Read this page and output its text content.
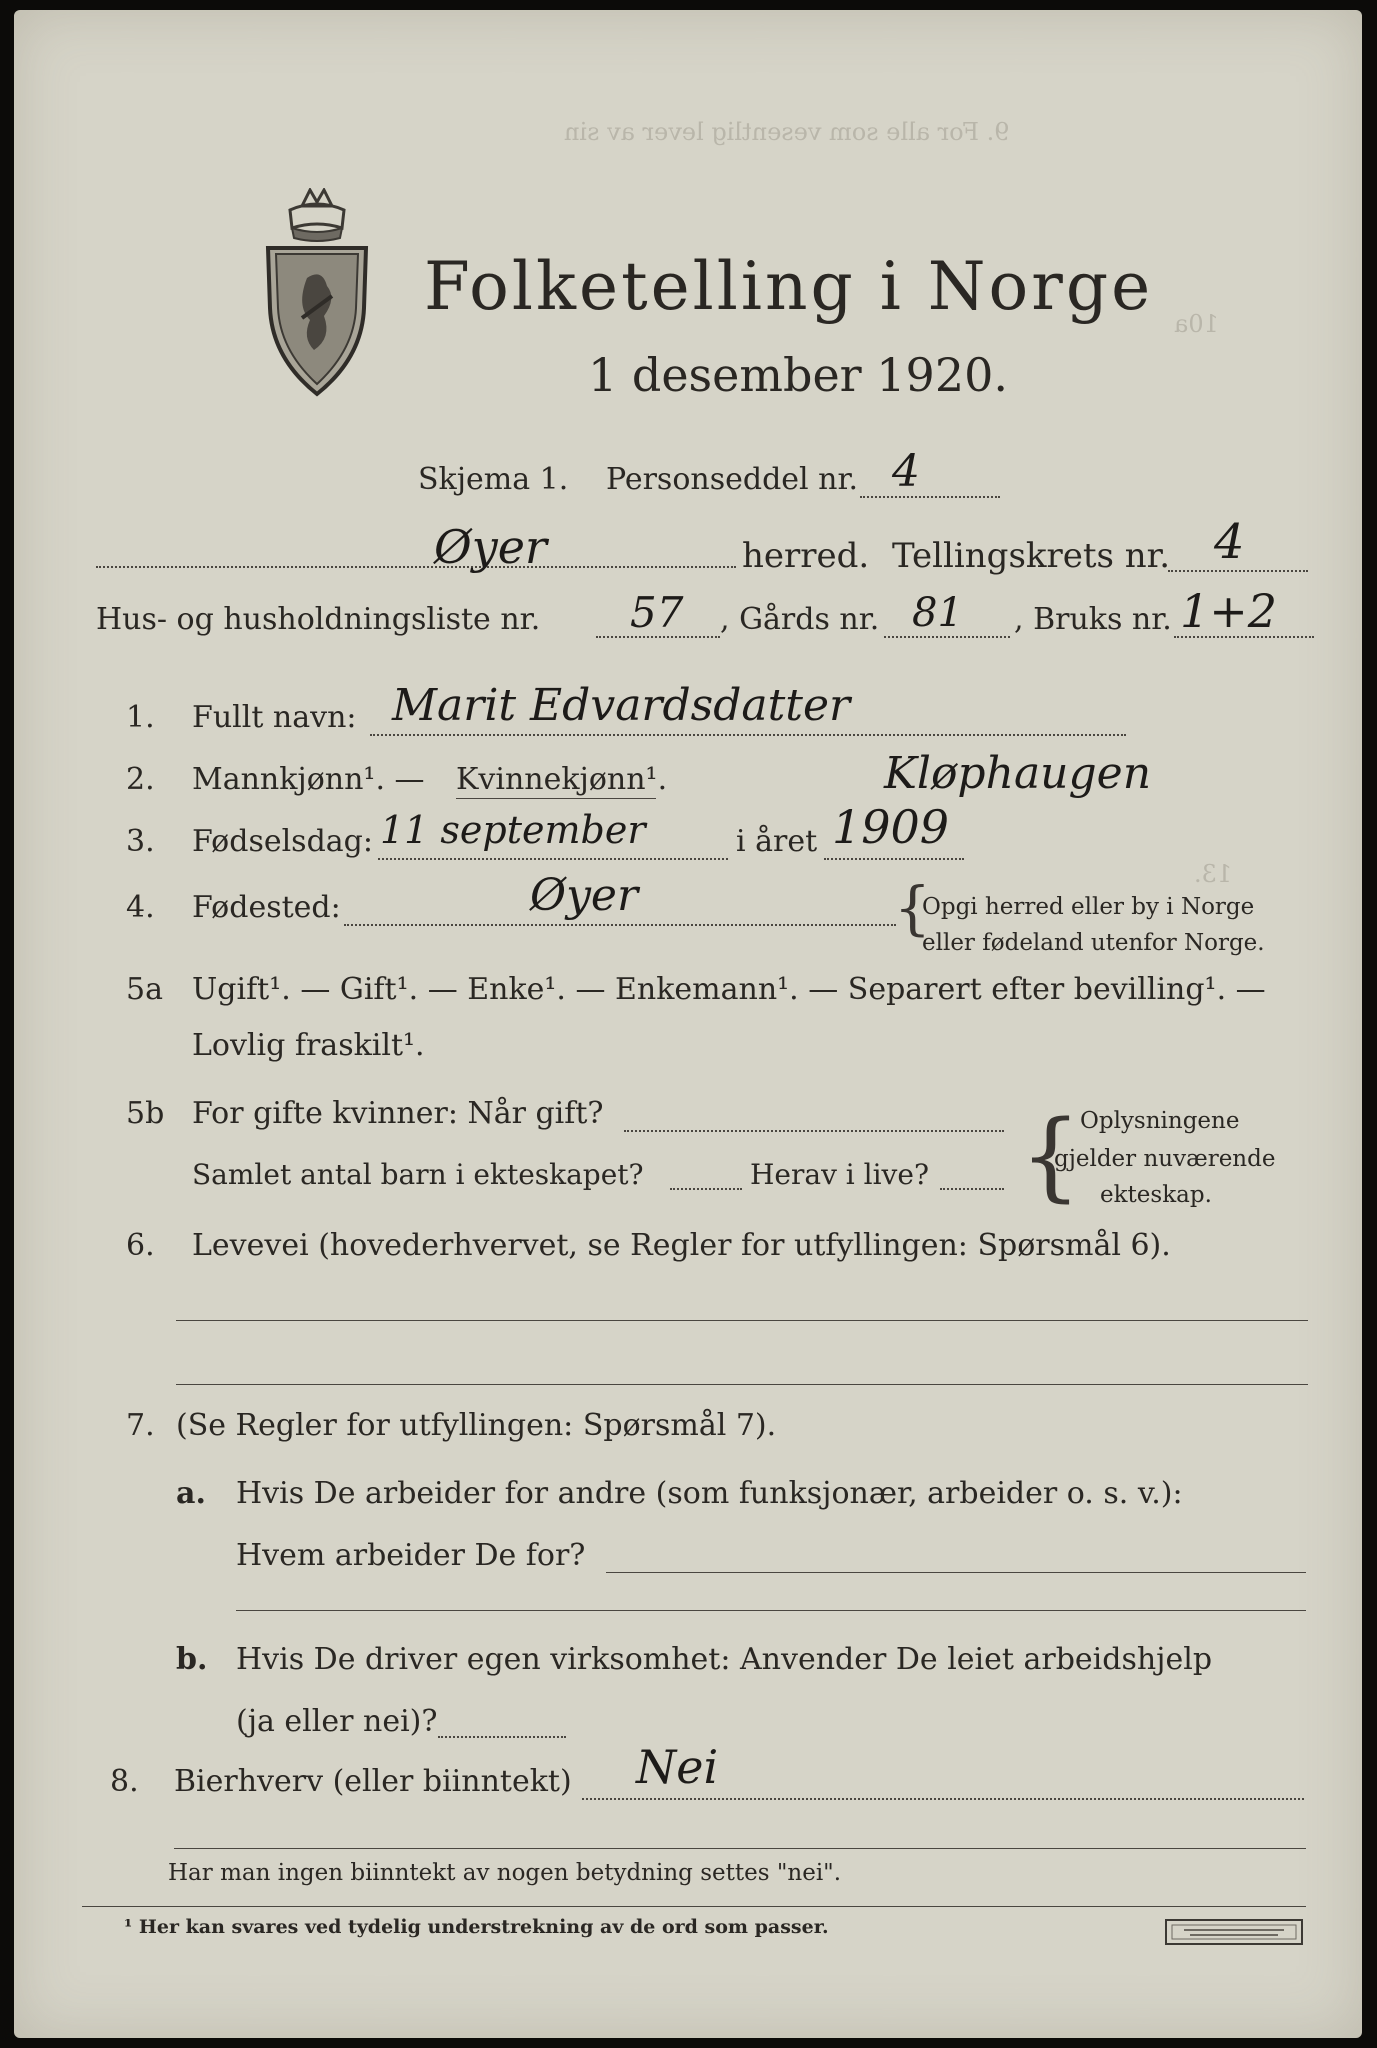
9. For alle som vesentlig lever av sin
10a
13.
Folketelling i Norge
1 desember 1920.
Skjema 1. Personseddel nr. 4
Øyer	herred. Tellingskrets nr. 4
Hus- og husholdningsliste nr. 57 , Gårds nr. 81 , Bruks nr. 1+2
1. Fullt navn: Marit Edvardsdatter
2. Mannkjønn¹. — Kvinnekjønn¹.	Kløphaugen
3. Fødselsdag: 11 september	i året 1909
4. Fødested:	Øyer	{
Opgi herred eller by i Norge
eller fødeland utenfor Norge.
5a Ugift¹. — Gift¹. — Enke¹. — Enkemann¹. — Separert efter bevilling¹. —
Lovlig fraskilt¹.
5b For gifte kvinner: Når gift?
Samlet antal barn i ekteskapet?	Herav i live? {
Oplysningene
gjelder nuværende
ekteskap.
6. Levevei (hovederhvervet, se Regler for utfyllingen: Spørsmål 6).
7. (Se Regler for utfyllingen: Spørsmål 7).
a. Hvis De arbeider for andre (som funksjonær, arbeider o. s. v.):
Hvem arbeider De for?
b. Hvis De driver egen virksomhet: Anvender De leiet arbeidshjelp
(ja eller nei)?
8. Bierhverv (eller biinntekt) Nei
Har man ingen biinntekt av nogen betydning settes "nei".
¹ Her kan svares ved tydelig understrekning av de ord som passer.
